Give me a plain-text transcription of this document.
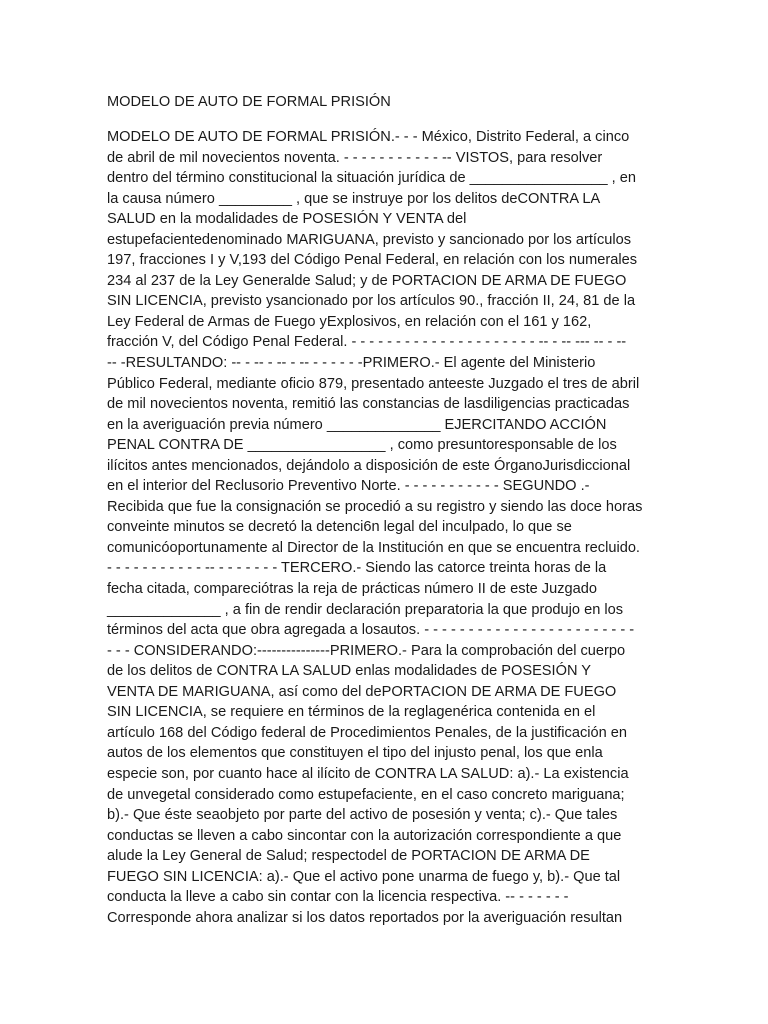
MODELO DE AUTO DE FORMAL PRISIÓN
MODELO DE AUTO DE FORMAL PRISIÓN.- - - México, Distrito Federal, a cinco
de abril de mil novecientos noventa. - - - - - - - - - - - -- VISTOS, para resolver
dentro del término constitucional la situación jurídica de _________________ , en
la causa número _________ , que se instruye por los delitos deCONTRA LA
SALUD en la modalidades de POSESIÓN Y VENTA del
estupefacientedenominado MARIGUANA, previsto y sancionado por los artículos
197, fracciones I y V,193 del Código Penal Federal, en relación con los numerales
234 al 237 de la Ley Generalde Salud; y de PORTACION DE ARMA DE FUEGO
SIN LICENCIA, previsto ysancionado por los artículos 90., fracción II, 24, 81 de la
Ley Federal de Armas de Fuego yExplosivos, en relación con el 161 y 162,
fracción V, del Código Penal Federal. - - - - - - - - - - - - - - - - - - - - - -- - -- --- -- - --
-- -RESULTANDO: -- - -- - -- - -- - - - - - -PRIMERO.- El agente del Ministerio
Público Federal, mediante oficio 879, presentado anteeste Juzgado el tres de abril
de mil novecientos noventa, remitió las constancias de lasdiligencias practicadas
en la averiguación previa número ______________ EJERCITANDO ACCIÓN
PENAL CONTRA DE _________________ , como presuntoresponsable de los
ilícitos antes mencionados, dejándolo a disposición de este ÓrganoJurisdiccional
en el interior del Reclusorio Preventivo Norte. - - - - - - - - - - - SEGUNDO .-
Recibida que fue la consignación se procedió a su registro y siendo las doce horas
conveinte minutos se decretó la detenci6n legal del inculpado, lo que se
comunicóoportunamente al Director de la Institución en que se encuentra recluido.
- - - - - - - - - - - -- - - - - - - - TERCERO.- Siendo las catorce treinta horas de la
fecha citada, compareciótras la reja de prácticas número II de este Juzgado
______________ , a fin de rendir declaración preparatoria la que produjo en los
términos del acta que obra agregada a losautos. - - - - - - - - - - - - - - - - - - - - - - - -
- - - CONSIDERANDO:---------------PRIMERO.- Para la comprobación del cuerpo
de los delitos de CONTRA LA SALUD enlas modalidades de POSESIÓN Y
VENTA DE MARIGUANA, así como del dePORTACION DE ARMA DE FUEGO
SIN LICENCIA, se requiere en términos de la reglagenérica contenida en el
artículo 168 del Código federal de Procedimientos Penales, de la justificación en
autos de los elementos que constituyen el tipo del injusto penal, los que enla
especie son, por cuanto hace al ilícito de CONTRA LA SALUD: a).- La existencia
de unvegetal considerado como estupefaciente, en el caso concreto mariguana;
b).- Que éste seaobjeto por parte del activo de posesión y venta; c).- Que tales
conductas se lleven a cabo sincontar con la autorización correspondiente a que
alude la Ley General de Salud; respectodel de PORTACION DE ARMA DE
FUEGO SIN LICENCIA: a).- Que el activo pone unarma de fuego y, b).- Que tal
conducta la lleve a cabo sin contar con la licencia respectiva. -- - - - - - -
Corresponde ahora analizar si los datos reportados por la averiguación resultan
